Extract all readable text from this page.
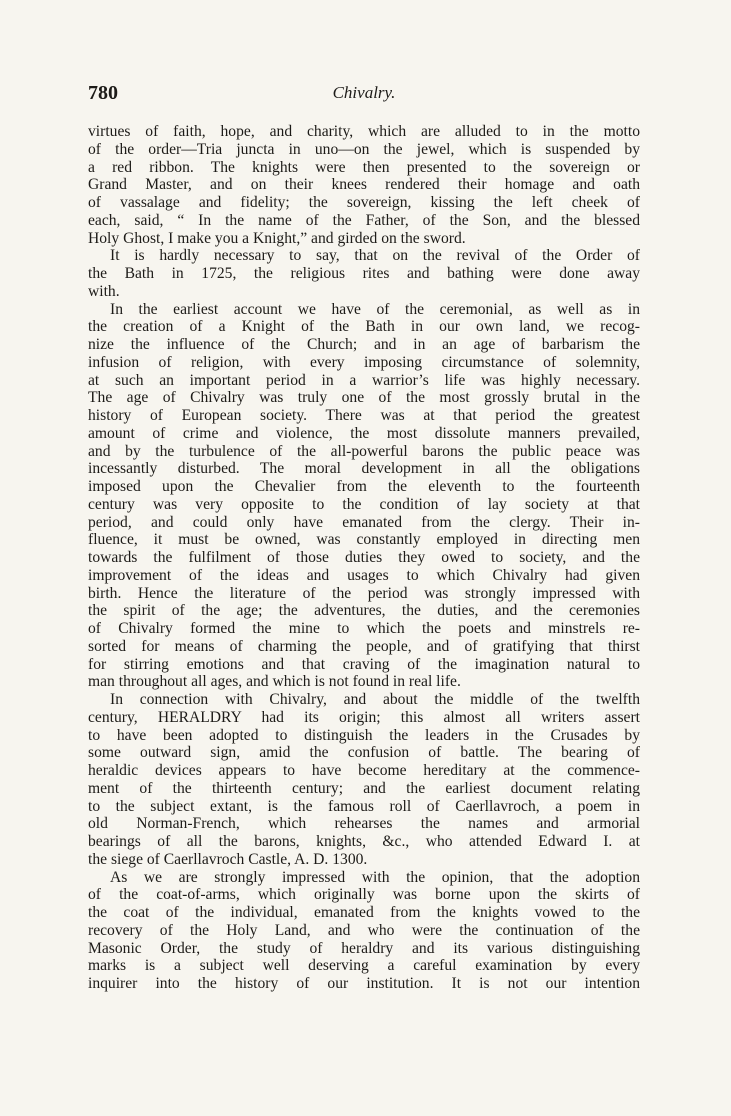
780	Chivalry.
virtues of faith, hope, and charity, which are alluded to in the motto
of the order—Tria juncta in uno—on the jewel, which is suspended by
a red ribbon. The knights were then presented to the sovereign or
Grand Master, and on their knees rendered their homage and oath
of vassalage and fidelity; the sovereign, kissing the left cheek of
each, said, “ In the name of the Father, of the Son, and the blessed
Holy Ghost, I make you a Knight,” and girded on the sword.
It is hardly necessary to say, that on the revival of the Order of
the Bath in 1725, the religious rites and bathing were done away
with.
In the earliest account we have of the ceremonial, as well as in
the creation of a Knight of the Bath in our own land, we recog-
nize the influence of the Church; and in an age of barbarism the
infusion of religion, with every imposing circumstance of solemnity,
at such an important period in a warrior’s life was highly necessary.
The age of Chivalry was truly one of the most grossly brutal in the
history of European society. There was at that period the greatest
amount of crime and violence, the most dissolute manners prevailed,
and by the turbulence of the all-powerful barons the public peace was
incessantly disturbed. The moral development in all the obligations
imposed upon the Chevalier from the eleventh to the fourteenth
century was very opposite to the condition of lay society at that
period, and could only have emanated from the clergy. Their in-
fluence, it must be owned, was constantly employed in directing men
towards the fulfilment of those duties they owed to society, and the
improvement of the ideas and usages to which Chivalry had given
birth. Hence the literature of the period was strongly impressed with
the spirit of the age; the adventures, the duties, and the ceremonies
of Chivalry formed the mine to which the poets and minstrels re-
sorted for means of charming the people, and of gratifying that thirst
for stirring emotions and that craving of the imagination natural to
man throughout all ages, and which is not found in real life.
In connection with Chivalry, and about the middle of the twelfth
century, HERALDRY had its origin; this almost all writers assert
to have been adopted to distinguish the leaders in the Crusades by
some outward sign, amid the confusion of battle. The bearing of
heraldic devices appears to have become hereditary at the commence-
ment of the thirteenth century; and the earliest document relating
to the subject extant, is the famous roll of Caerllavroch, a poem in
old Norman-French, which rehearses the names and armorial
bearings of all the barons, knights, &c., who attended Edward I. at
the siege of Caerllavroch Castle, A. D. 1300.
As we are strongly impressed with the opinion, that the adoption
of the coat-of-arms, which originally was borne upon the skirts of
the coat of the individual, emanated from the knights vowed to the
recovery of the Holy Land, and who were the continuation of the
Masonic Order, the study of heraldry and its various distinguishing
marks is a subject well deserving a careful examination by every
inquirer into the history of our institution. It is not our intention
